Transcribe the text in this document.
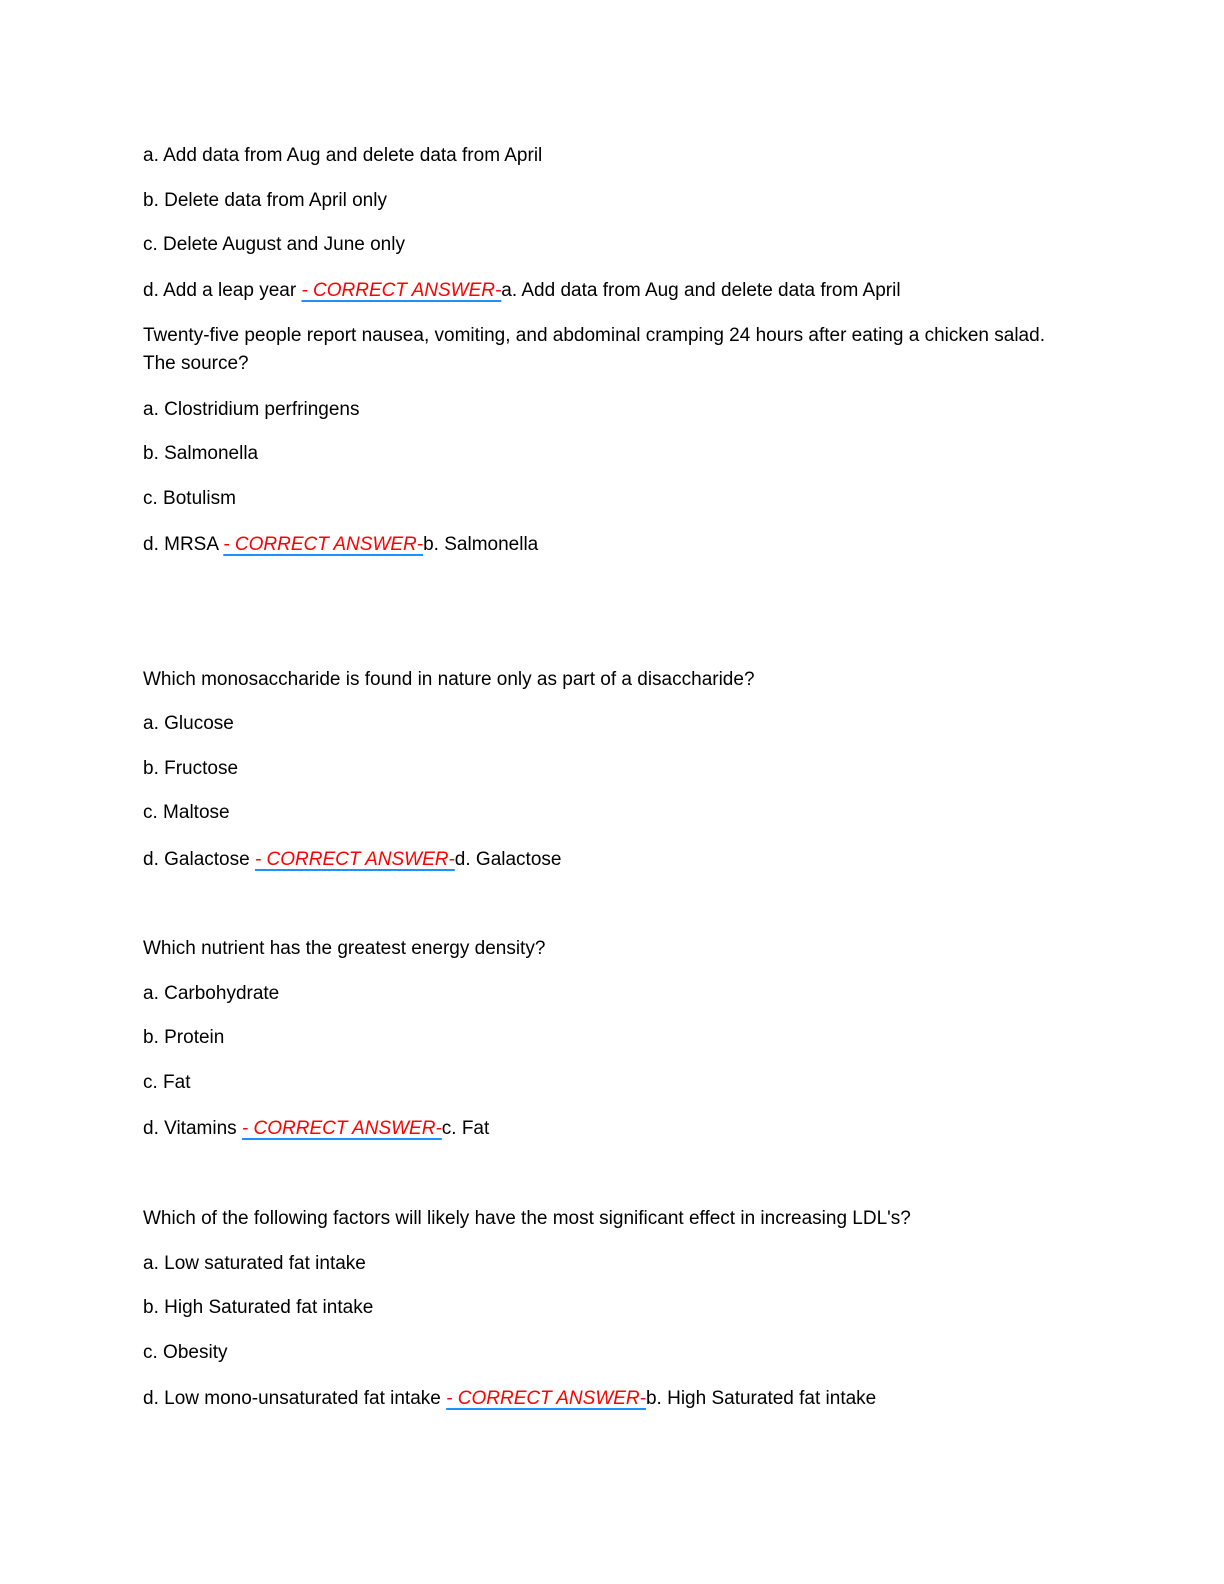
a. Add data from Aug and delete data from April
b. Delete data from April only
c. Delete August and June only
d. Add a leap year - CORRECT ANSWER-a. Add data from Aug and delete data from April
Twenty-five people report nausea, vomiting, and abdominal cramping 24 hours after eating a chicken salad. The source?
a. Clostridium perfringens
b. Salmonella
c. Botulism
d. MRSA - CORRECT ANSWER-b. Salmonella
Which monosaccharide is found in nature only as part of a disaccharide?
a. Glucose
b. Fructose
c. Maltose
d. Galactose - CORRECT ANSWER-d. Galactose
Which nutrient has the greatest energy density?
a. Carbohydrate
b. Protein
c. Fat
d. Vitamins - CORRECT ANSWER-c. Fat
Which of the following factors will likely have the most significant effect in increasing LDL's?
a. Low saturated fat intake
b. High Saturated fat intake
c. Obesity
d. Low mono-unsaturated fat intake - CORRECT ANSWER-b. High Saturated fat intake
